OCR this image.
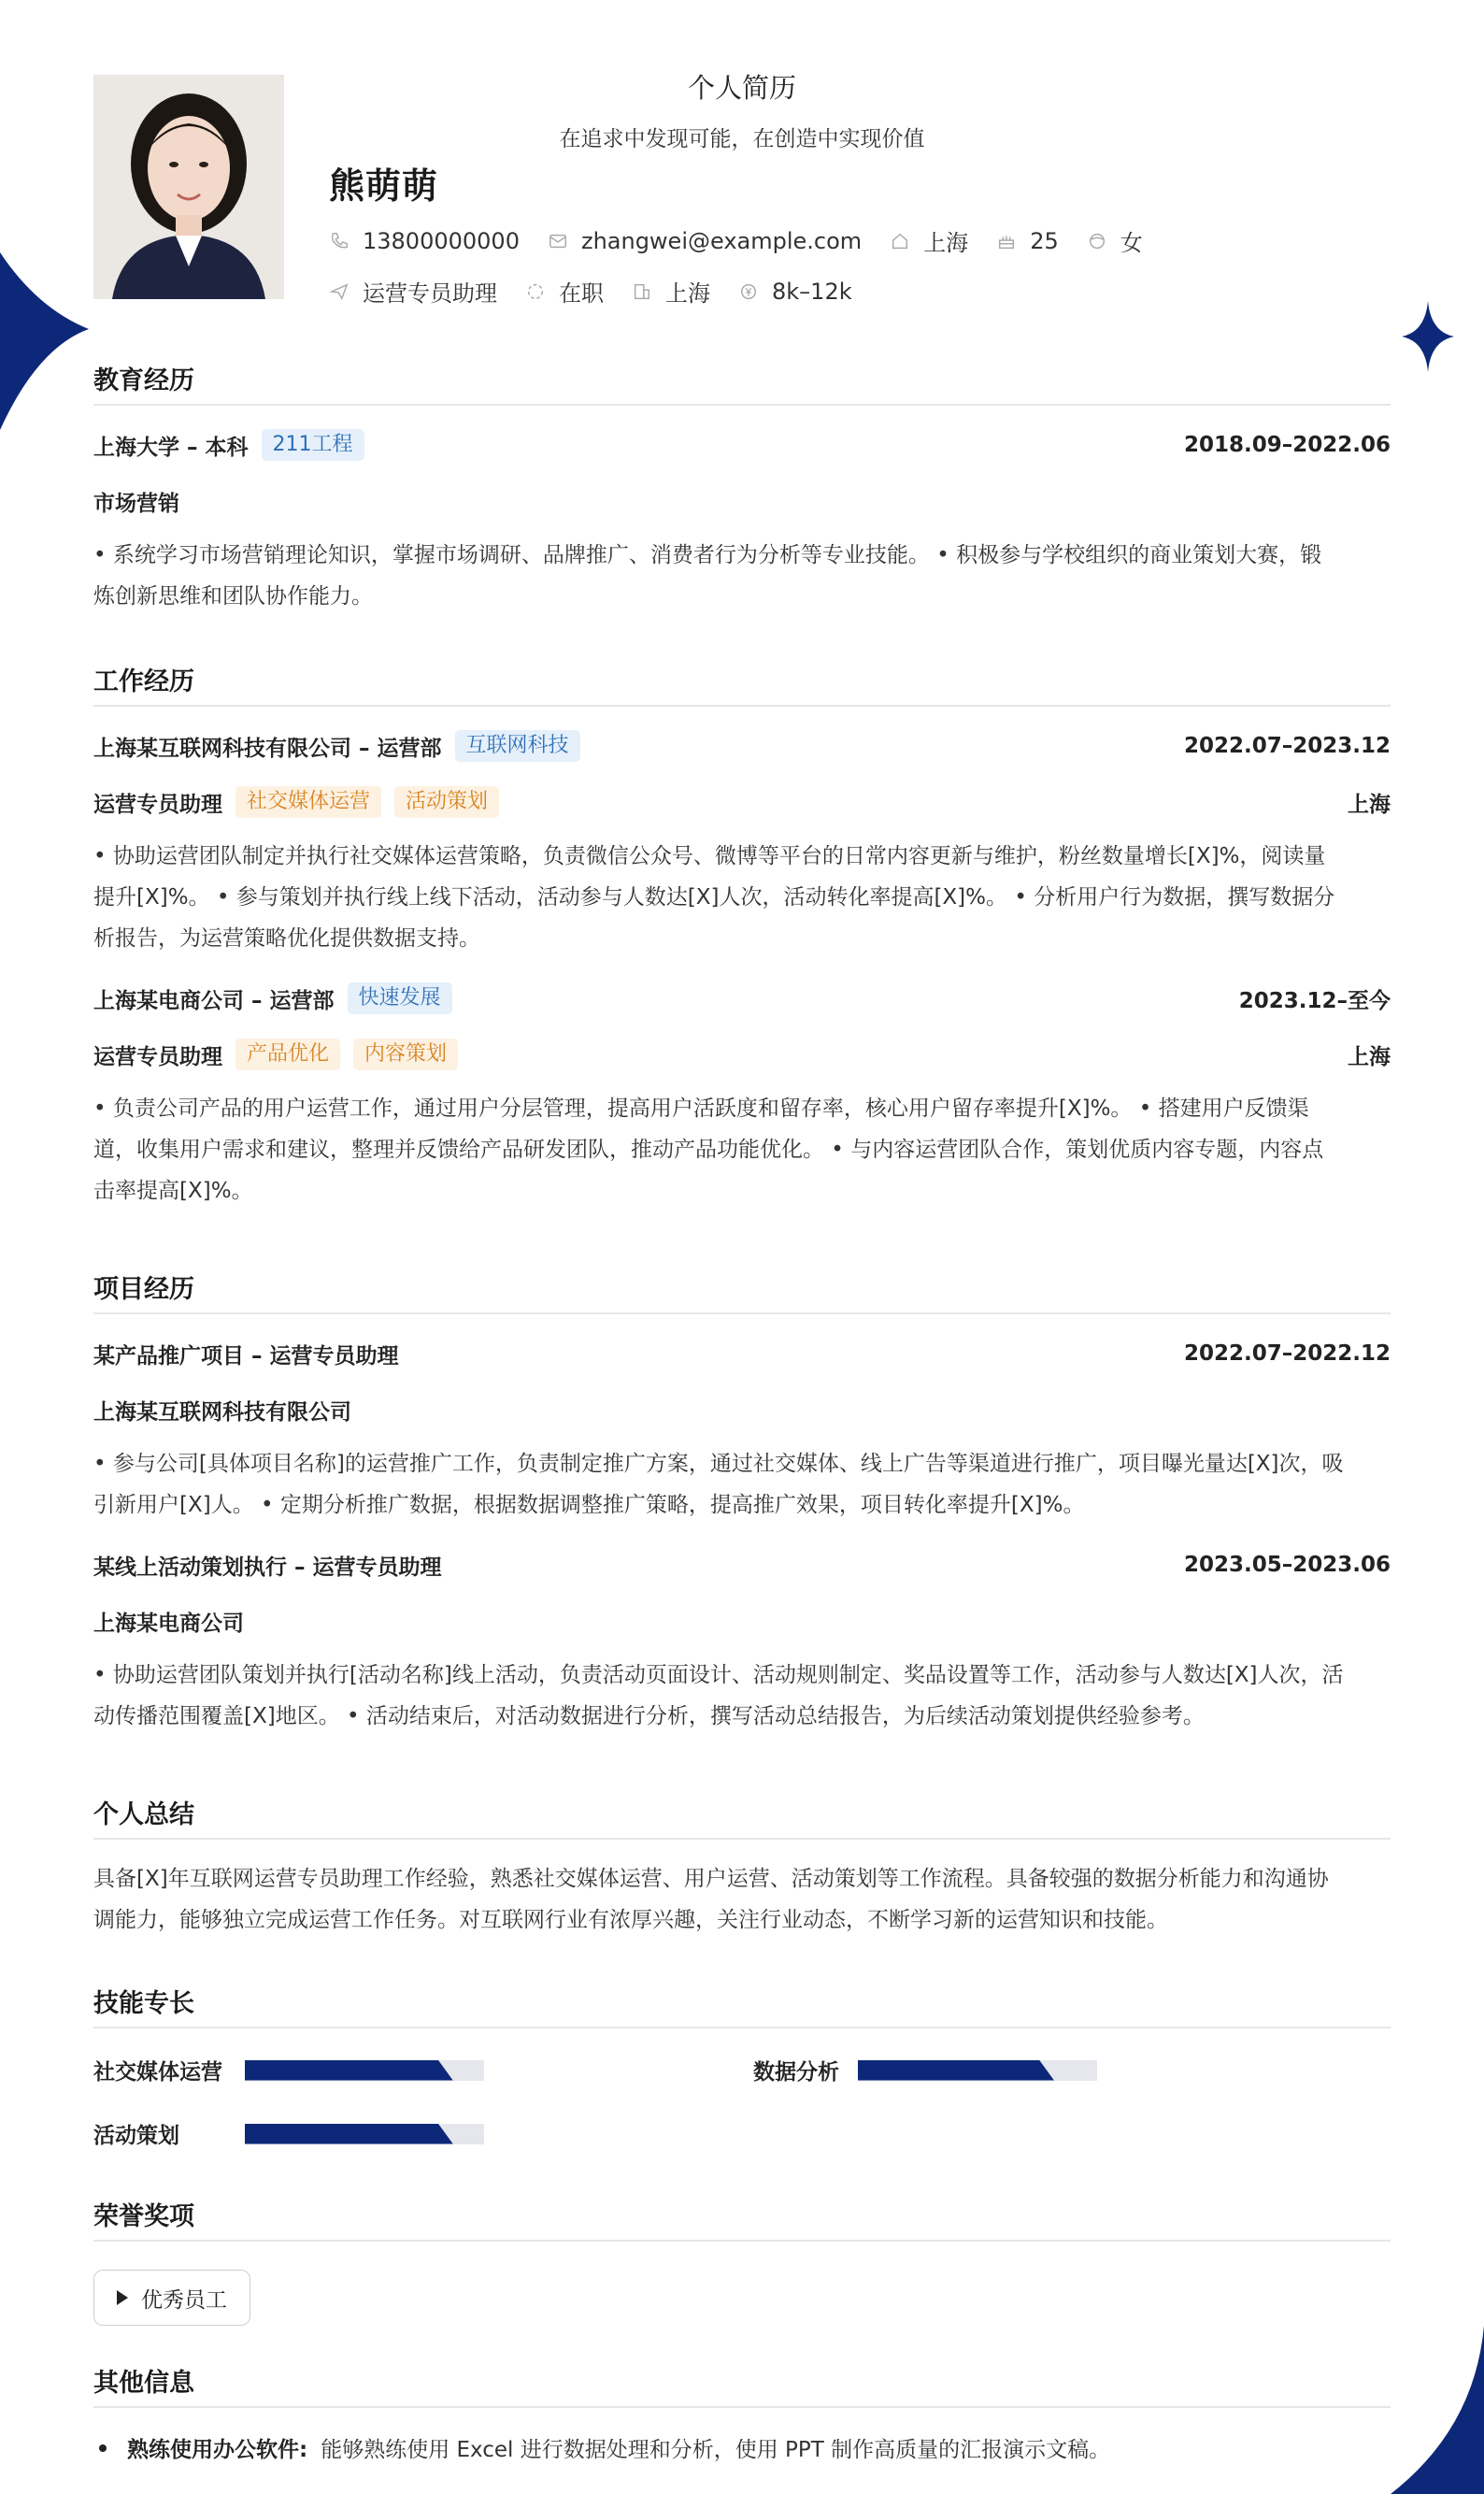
个人简历
在追求中发现可能，在创造中实现价值
熊萌萌
13800000000	zhangwei@example.com	上海	25	女
运营专员助理	在职	上海	8k–12k
教育经历
上海大学 – 本科	211工程	2018.09–2022.06
市场营销
• 系统学习市场营销理论知识，掌握市场调研、品牌推广、消费者行为分析等专业技能。 • 积极参与学校组织的商业策划大赛，锻
炼创新思维和团队协作能力。
工作经历
上海某互联网科技有限公司 – 运营部	互联网科技	2022.07–2023.12
运营专员助理	社交媒体运营	活动策划	上海
• 协助运营团队制定并执行社交媒体运营策略，负责微信公众号、微博等平台的日常内容更新与维护，粉丝数量增长[X]%，阅读量
提升[X]%。 • 参与策划并执行线上线下活动，活动参与人数达[X]人次，活动转化率提高[X]%。 • 分析用户行为数据，撰写数据分
析报告，为运营策略优化提供数据支持。
上海某电商公司 – 运营部	快速发展	2023.12–至今
运营专员助理	产品优化	内容策划	上海
• 负责公司产品的用户运营工作，通过用户分层管理，提高用户活跃度和留存率，核心用户留存率提升[X]%。 • 搭建用户反馈渠
道，收集用户需求和建议，整理并反馈给产品研发团队，推动产品功能优化。 • 与内容运营团队合作，策划优质内容专题，内容点
击率提高[X]%。
项目经历
某产品推广项目 – 运营专员助理	2022.07–2022.12
上海某互联网科技有限公司
• 参与公司[具体项目名称]的运营推广工作，负责制定推广方案，通过社交媒体、线上广告等渠道进行推广，项目曝光量达[X]次，吸
引新用户[X]人。 • 定期分析推广数据，根据数据调整推广策略，提高推广效果，项目转化率提升[X]%。
某线上活动策划执行 – 运营专员助理	2023.05–2023.06
上海某电商公司
• 协助运营团队策划并执行[活动名称]线上活动，负责活动页面设计、活动规则制定、奖品设置等工作，活动参与人数达[X]人次，活
动传播范围覆盖[X]地区。 • 活动结束后，对活动数据进行分析，撰写活动总结报告，为后续活动策划提供经验参考。
个人总结
具备[X]年互联网运营专员助理工作经验，熟悉社交媒体运营、用户运营、活动策划等工作流程。具备较强的数据分析能力和沟通协
调能力，能够独立完成运营工作任务。对互联网行业有浓厚兴趣，关注行业动态，不断学习新的运营知识和技能。
技能专长
社交媒体运营	数据分析
活动策划
荣誉奖项
优秀员工
其他信息
熟练使用办公软件: 能够熟练使用 Excel 进行数据处理和分析，使用 PPT 制作高质量的汇报演示文稿。
